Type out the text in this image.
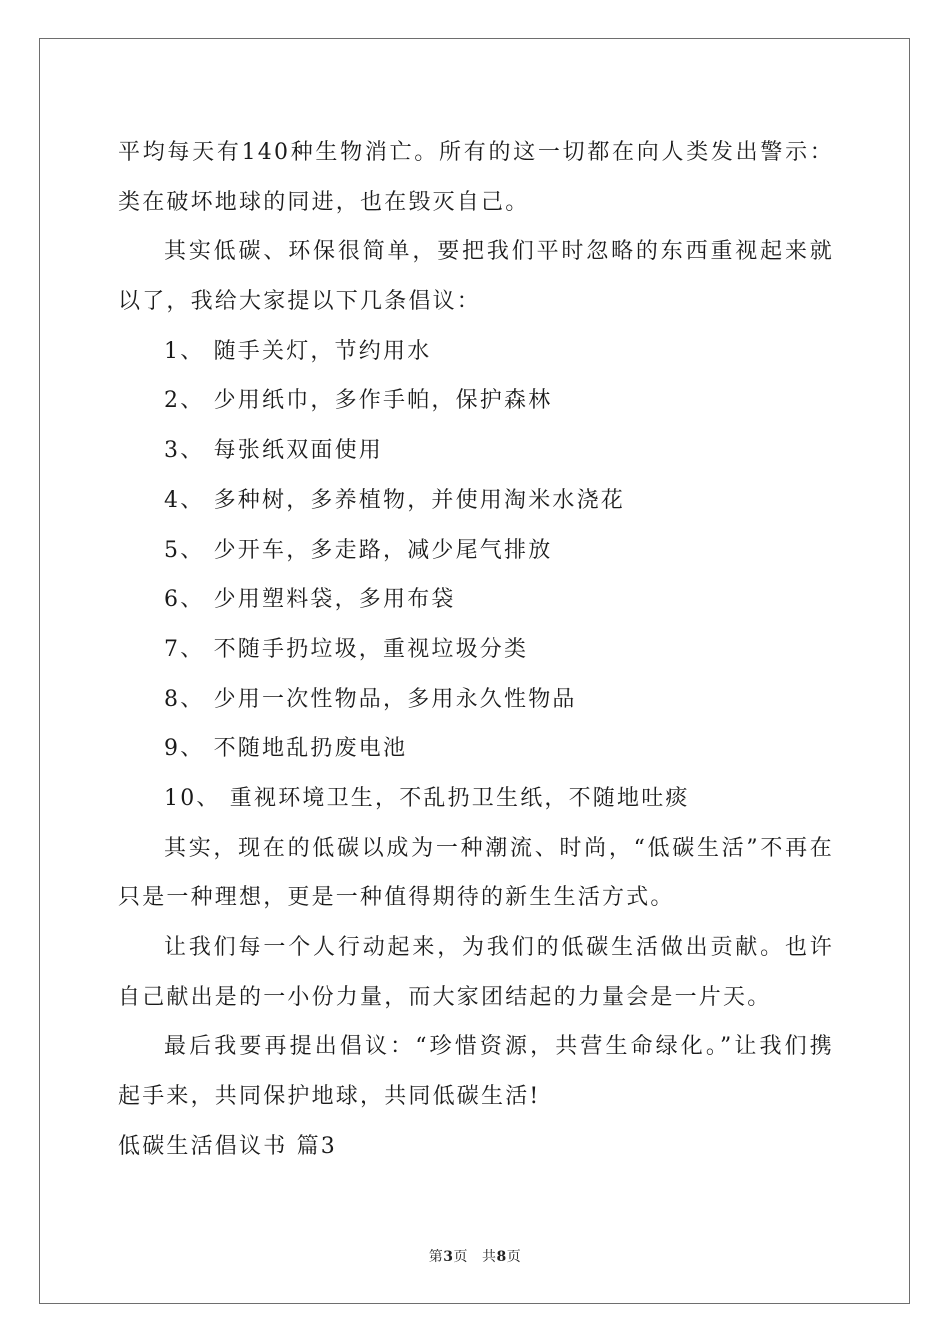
平均每天有140种生物消亡。所有的这一切都在向人类发出警示：
类在破坏地球的同进，也在毁灭自己。
其实低碳、环保很简单，要把我们平时忽略的东西重视起来就
以了，我给大家提以下几条倡议：
1、 随手关灯，节约用水
2、 少用纸巾，多作手帕，保护森林
3、 每张纸双面使用
4、 多种树，多养植物，并使用淘米水浇花
5、 少开车，多走路，减少尾气排放
6、 少用塑料袋，多用布袋
7、 不随手扔垃圾，重视垃圾分类
8、 少用一次性物品，多用永久性物品
9、 不随地乱扔废电池
10、 重视环境卫生，不乱扔卫生纸，不随地吐痰
其实，现在的低碳以成为一种潮流、时尚，“低碳生活”不再在
只是一种理想，更是一种值得期待的新生生活方式。
让我们每一个人行动起来，为我们的低碳生活做出贡献。也许
自己献出是的一小份力量，而大家团结起的力量会是一片天。
最后我要再提出倡议：“珍惜资源，共营生命绿化。”让我们携
起手来，共同保护地球，共同低碳生活!
低碳生活倡议书 篇3
第3页 共8页
